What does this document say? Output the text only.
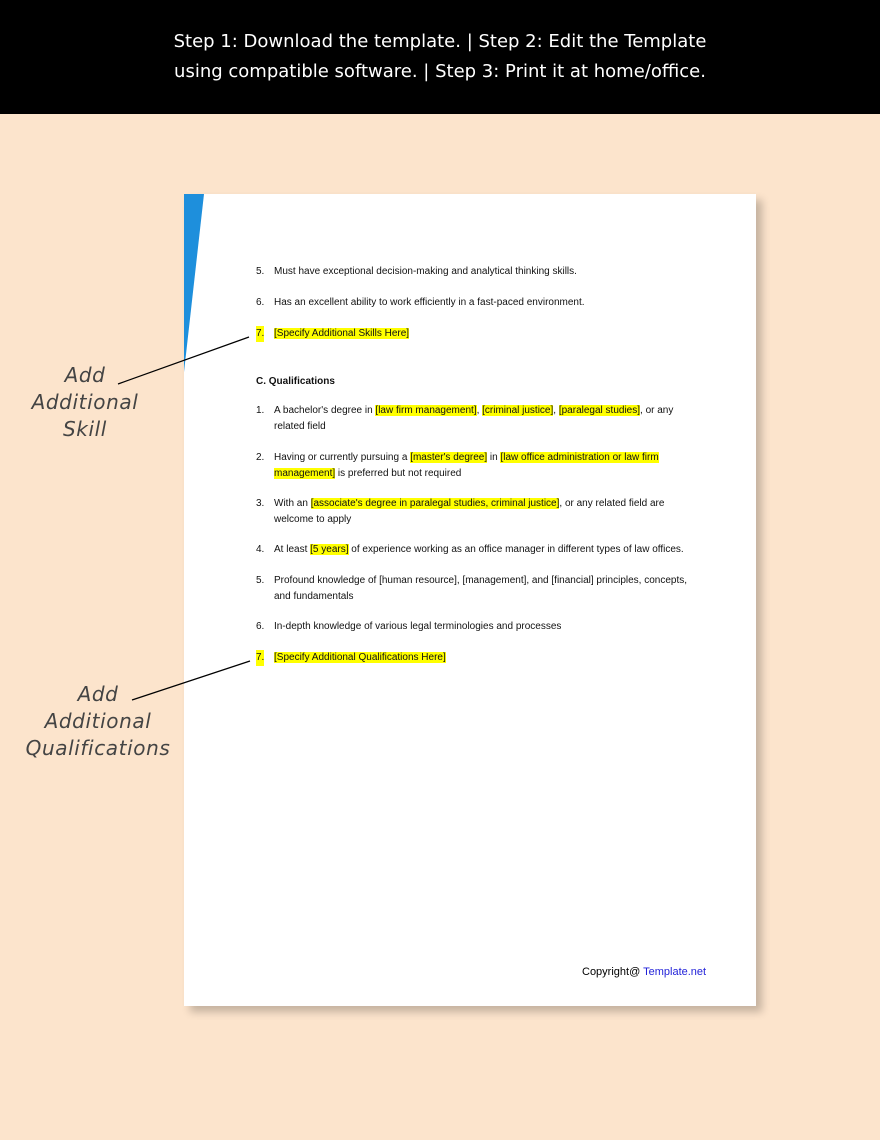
Step 1: Download the template. | Step 2: Edit the Template
using compatible software. | Step 3: Print it at home/office.
5. Must have exceptional decision-making and analytical thinking skills.
6. Has an excellent ability to work efficiently in a fast-paced environment.
7. [Specify Additional Skills Here]
C. Qualifications
1. A bachelor's degree in [law firm management], [criminal justice], [paralegal studies], or any related field
2. Having or currently pursuing a [master's degree] in [law office administration or law firm management] is preferred but not required
3. With an [associate's degree in paralegal studies, criminal justice], or any related field are welcome to apply
4. At least [5 years] of experience working as an office manager in different types of law offices.
5. Profound knowledge of [human resource], [management], and [financial] principles, concepts, and fundamentals
6. In-depth knowledge of various legal terminologies and processes
7. [Specify Additional Qualifications Here]
Copyright@ Template.net
Add
Additional
Skill
Add
Additional
Qualifications
